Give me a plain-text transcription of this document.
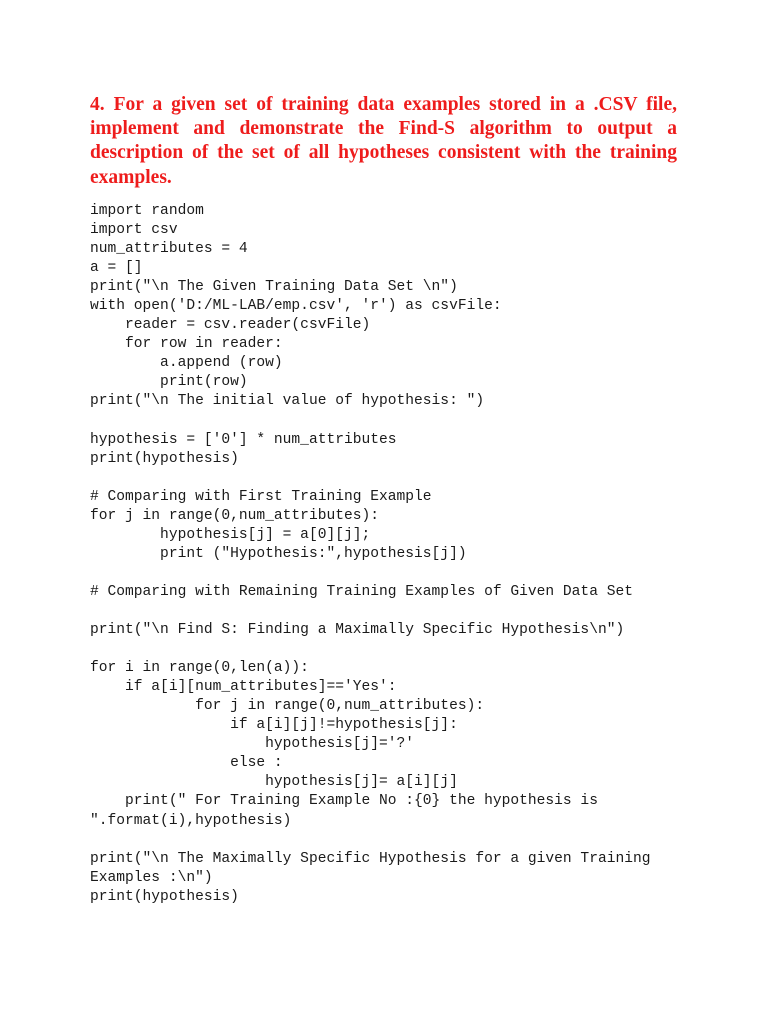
4. For a given set of training data examples stored in a .CSV file, implement and demonstrate the Find-S algorithm to output a description of the set of all hypotheses consistent with the training examples.

import random
import csv
num_attributes = 4
a = []
print("\n The Given Training Data Set \n")
with open('D:/ML-LAB/emp.csv', 'r') as csvFile:
reader = csv.reader(csvFile)
for row in reader:
a.append (row)
print(row)
print("\n The initial value of hypothesis: ")
hypothesis = ['0'] * num_attributes
print(hypothesis)
# Comparing with First Training Example
for j in range(0,num_attributes):
hypothesis[j] = a[0][j];
print ("Hypothesis:",hypothesis[j])
# Comparing with Remaining Training Examples of Given Data Set
print("\n Find S: Finding a Maximally Specific Hypothesis\n")
for i in range(0,len(a)):
if a[i][num_attributes]=='Yes':
for j in range(0,num_attributes):
if a[i][j]!=hypothesis[j]:
hypothesis[j]='?'
else :
hypothesis[j]= a[i][j]
print(" For Training Example No :{0} the hypothesis is
".format(i),hypothesis)
print("\n The Maximally Specific Hypothesis for a given Training
Examples :\n")
print(hypothesis)
